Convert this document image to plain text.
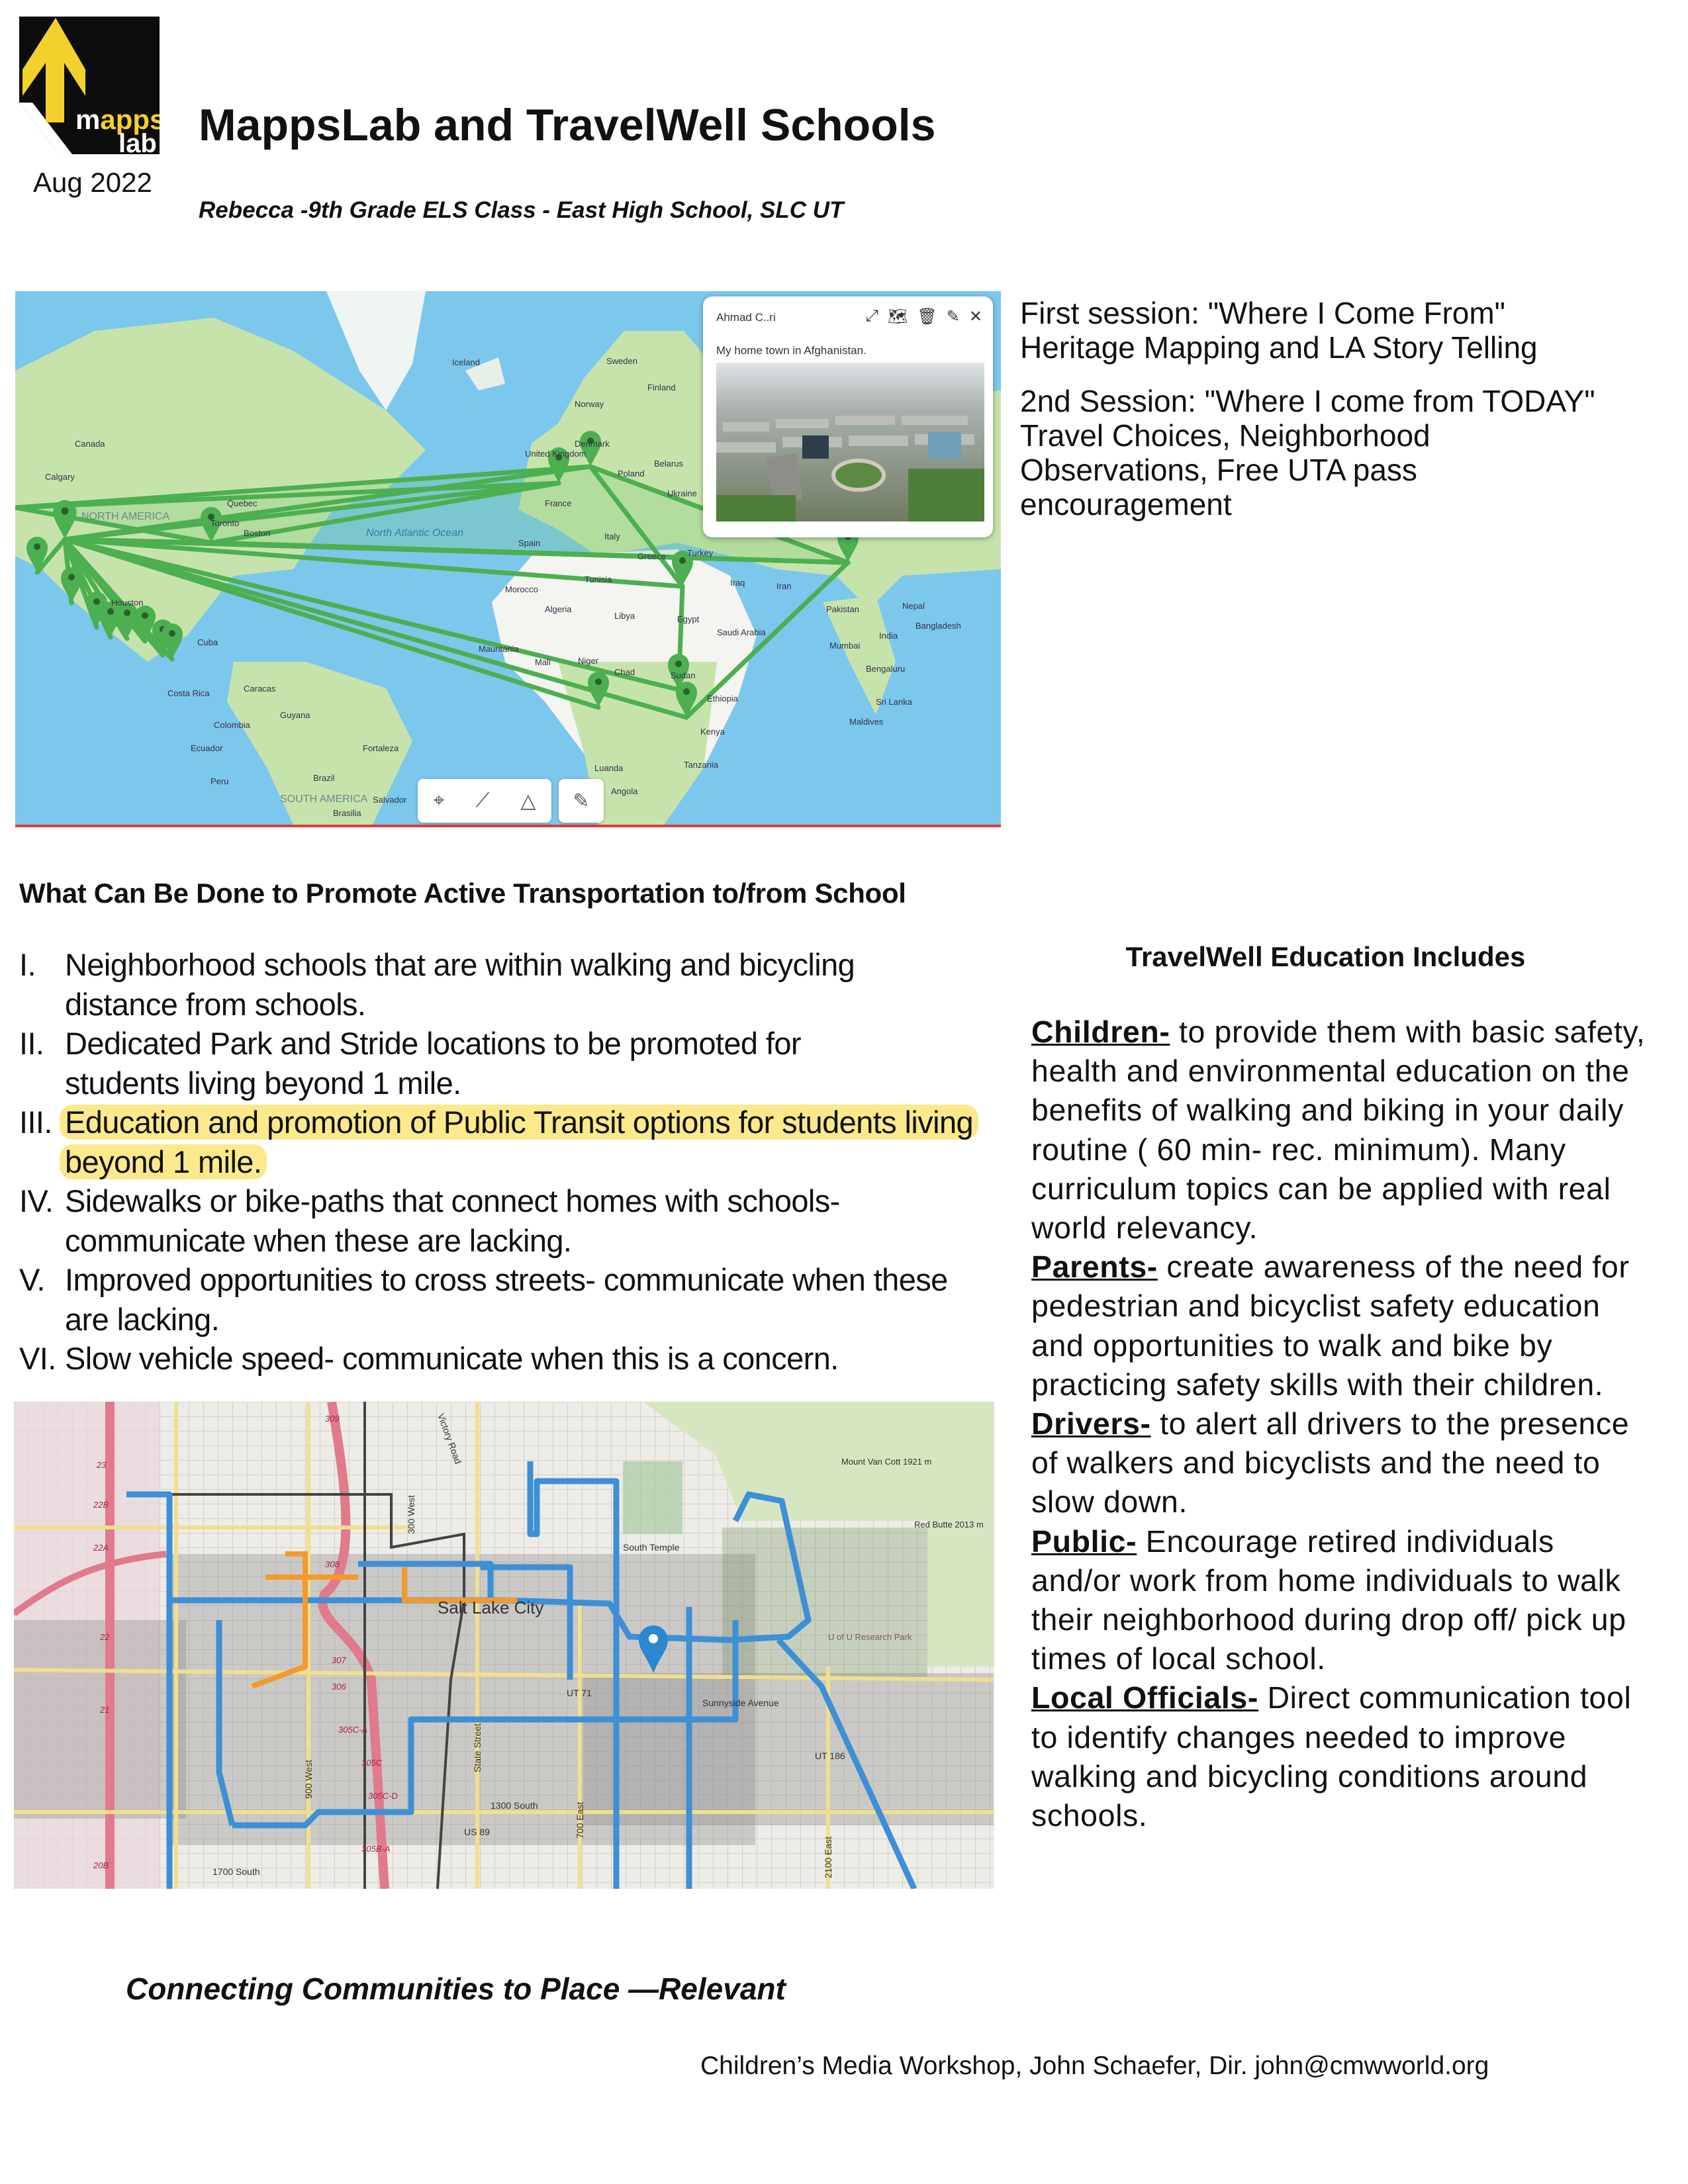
mapps
lab
Aug 2022
MappsLab and TravelWell Schools
Rebecca -9th Grade ELS Class - East High School, SLC UT
Iceland	Sweden
Finland
Norway
Canada
Calgary
United Kingdom
Denmark
Poland
Belarus
Ukraine
Quebec
Toronto
Boston
France
Italy
Spain
Turkey
Greece
Tunisia
Morocco
Algeria
Libya	Egypt
Iran
Iraq
Pakistan
India
Saudi Arabia
Mauritania
Mali	Niger
Chad	Sudan
Ethiopia
Kenya
Tanzania
Angola
Cuba
Caracas
Colombia
Ecuador
Peru	Brazil
Fortaleza
Houston
Costa Rica
Guyana
Luanda
Salvador
Brasilia
Mumbai
Bengaluru
Sri Lanka
Maldives
Nepal
Bangladesh
NORTH AMERICA
SOUTH AMERICA
North Atlantic Ocean
Ahmad C..ri	⤢ 🗺 🗑 ✎ ✕
My home town in Afghanistan.
⌖ ⟋ △ ✎
First session: "Where I Come From"
Heritage Mapping and LA Story Telling
2nd Session: "Where I come from TODAY"
Travel Choices, Neighborhood Observations, Free UTA pass encouragement
What Can Be Done to Promote Active Transportation to/from School
I. Neighborhood schools that are within walking and bicycling distance from schools.
II. Dedicated Park and Stride locations to be promoted for students living beyond 1 mile.
III. Education and promotion of Public Transit options for students living beyond 1 mile.
IV. Sidewalks or bike-paths that connect homes with schools- communicate when these are lacking.
V. Improved opportunities to cross streets- communicate when these are lacking.
VI. Slow vehicle speed- communicate when this is a concern.
Salt Lake City
South Temple
Sunnyside Avenue
1300 South
1700 South
State Street
700 East
900 West
2100 East
300 West
UT 71
US 89
UT 186
Mount Van Cott 1921 m
Red Butte 2013 m
U of U Research Park
Victory Road
309
308
307
306
305C-A
305C
305C-D
305B-A
23
22B
22A
22
21
20B
TravelWell Education Includes
Children- to provide them with basic safety, health and environmental education on the benefits of walking and biking in your daily routine ( 60 min- rec. minimum). Many curriculum topics can be applied with real world relevancy.
Parents- create awareness of the need for pedestrian and bicyclist safety education and opportunities to walk and bike by practicing safety skills with their children.
Drivers- to alert all drivers to the presence of walkers and bicyclists and the need to slow down.
Public- Encourage retired individuals and/or work from home individuals to walk their neighborhood during drop off/ pick up times of local school.
Local Officials- Direct communication tool to identify changes needed to improve walking and bicycling conditions around schools.
Connecting Communities to Place —Relevant
Children’s Media Workshop, John Schaefer, Dir. john@cmwworld.org
